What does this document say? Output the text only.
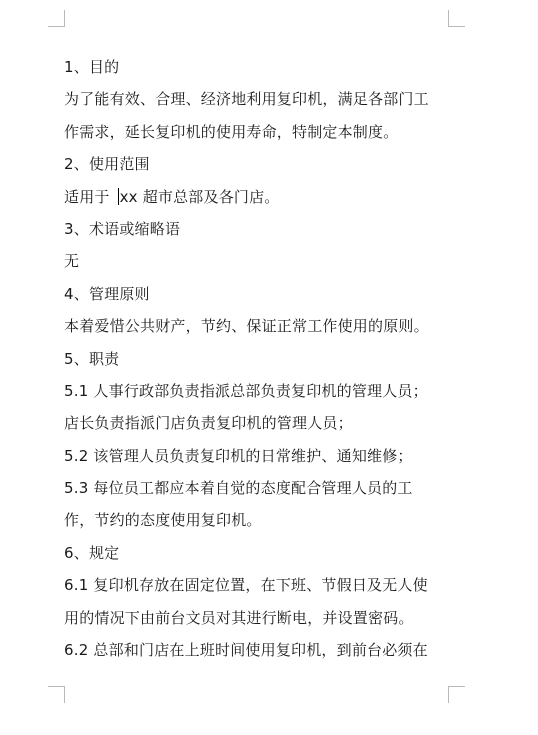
1、目的
为了能有效、合理、经济地利用复印机，满足各部门工
作需求，延长复印机的使用寿命，特制定本制度。
2、使用范围
适用于 xx 超市总部及各门店。
3、术语或缩略语
无
4、管理原则
本着爱惜公共财产，节约、保证正常工作使用的原则。
5、职责
5.1 人事行政部负责指派总部负责复印机的管理人员；
店长负责指派门店负责复印机的管理人员；
5.2 该管理人员负责复印机的日常维护、通知维修；
5.3 每位员工都应本着自觉的态度配合管理人员的工
作，节约的态度使用复印机。
6、规定
6.1 复印机存放在固定位置，在下班、节假日及无人使
用的情况下由前台文员对其进行断电，并设置密码。
6.2 总部和门店在上班时间使用复印机，到前台必须在
